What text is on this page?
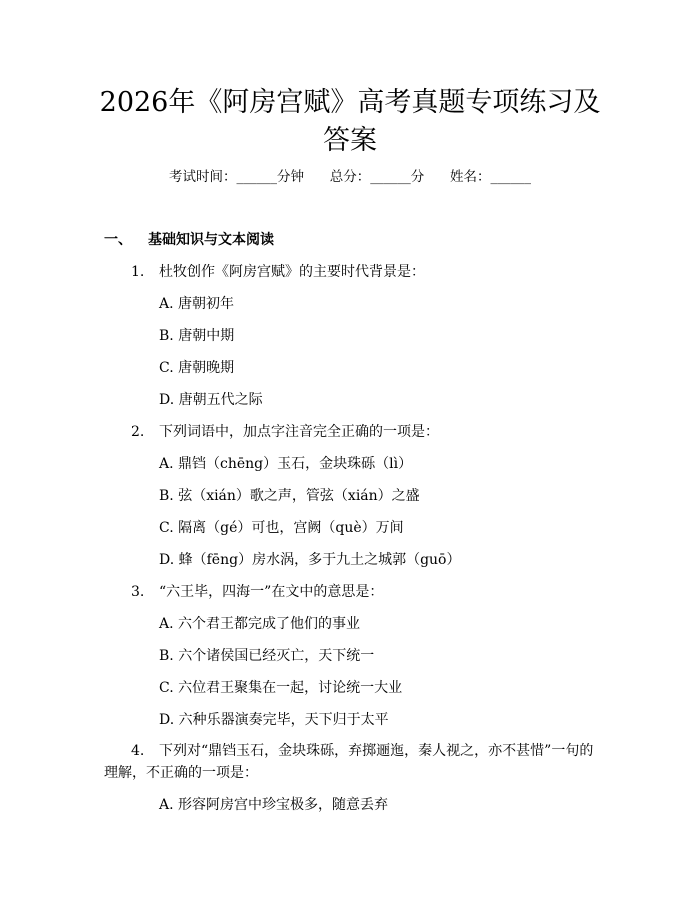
2026年《阿房宫赋》高考真题专项练习及答案
考试时间：______分钟      总分：______分      姓名：______
一、 基础知识与文本阅读
1. 杜牧创作《阿房宫赋》的主要时代背景是：
A. 唐朝初年
B. 唐朝中期
C. 唐朝晚期
D. 唐朝五代之际
2. 下列词语中，加点字注音完全正确的一项是：
A. 鼎铛（chēng）玉石，金块珠砾（lì）
B. 弦（xián）歌之声，管弦（xián）之盛
C. 隔离（gé）可也，宫阙（què）万间
D. 蜂（fēng）房水涡，多于九土之城郭（guō）
3. “六王毕，四海一”在文中的意思是：
A. 六个君王都完成了他们的事业
B. 六个诸侯国已经灭亡，天下统一
C. 六位君王聚集在一起，讨论统一大业
D. 六种乐器演奏完毕，天下归于太平
4. 下列对“鼎铛玉石，金块珠砾，弃掷逦迤，秦人视之，亦不甚惜”一句的理解，不正确的一项是：
A. 形容阿房宫中珍宝极多，随意丢弃
